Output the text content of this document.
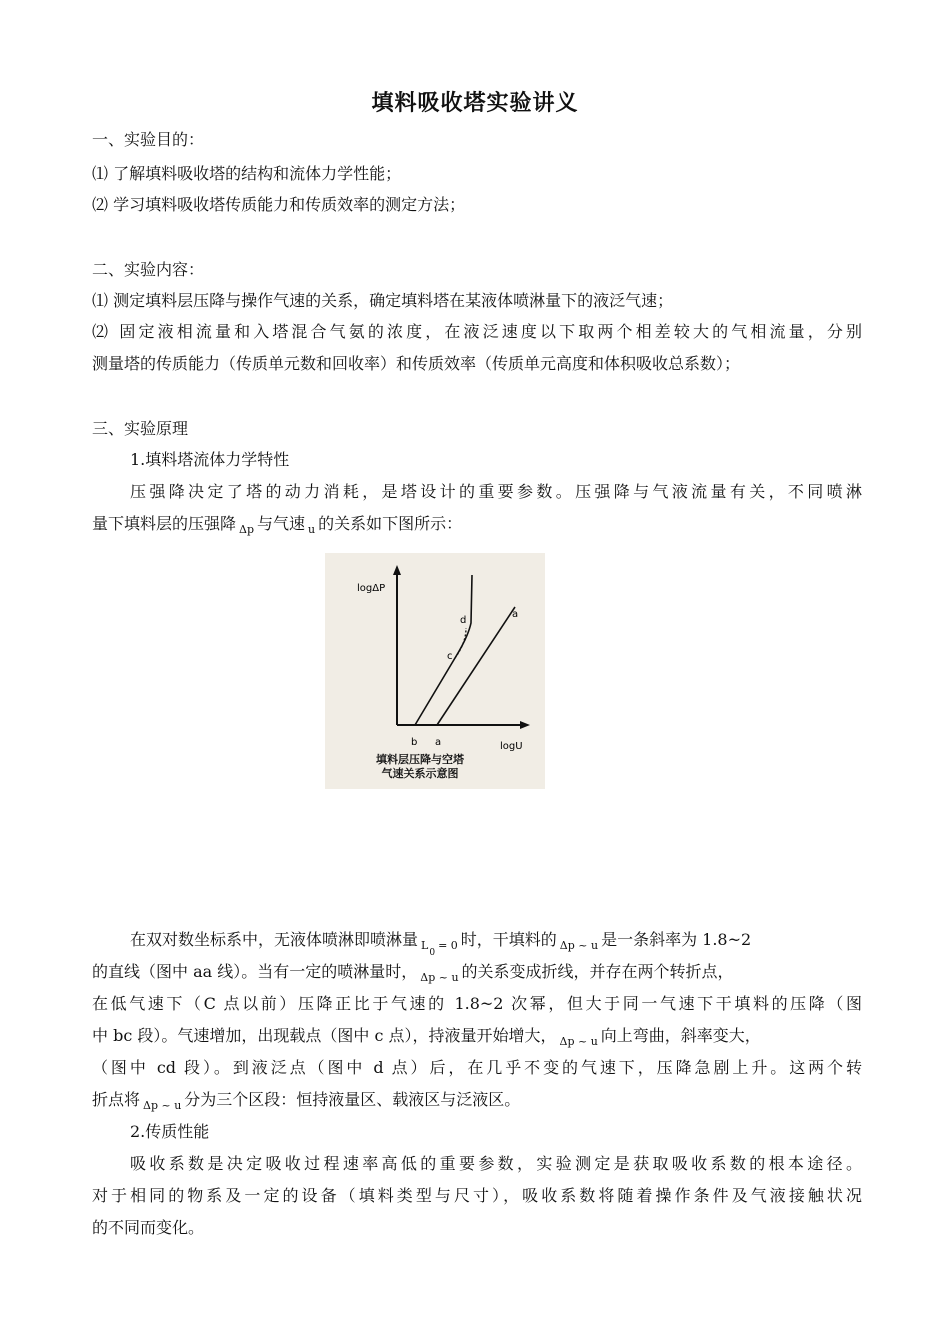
填料吸收塔实验讲义
一、实验目的：
⑴ 了解填料吸收塔的结构和流体力学性能；
⑵ 学习填料吸收塔传质能力和传质效率的测定方法；
二、实验内容：
⑴ 测定填料层压降与操作气速的关系，确定填料塔在某液体喷淋量下的液泛气速；
⑵ 固定液相流量和入塔混合气氨的浓度，在液泛速度以下取两个相差较大的气相流量，分别
测量塔的传质能力（传质单元数和回收率）和传质效率（传质单元高度和体积吸收总系数）；
三、实验原理
1.填料塔流体力学特性
压强降决定了塔的动力消耗，是塔设计的重要参数。压强降与气液流量有关，不同喷淋
量下填料层的压强降 $_{\Delta p}$ 与气速 $_u$ 的关系如下图所示：
logΔP
logU
b a
a
c
d
填料层压降与空塔
气速关系示意图
在双对数坐标系中，无液体喷淋即喷淋量 $_{L0= 0}$ 时，干填料的 $_{\Delta p \sim u}$ 是一条斜率为 1.8~2
的直线（图中 aa 线）。当有一定的喷淋量时， $_{\Delta p \sim u}$ 的关系变成折线，并存在两个转折点，
在低气速下（C 点以前）压降正比于气速的 1.8~2 次幂，但大于同一气速下干填料的压降（图
中 bc 段）。气速增加，出现载点（图中 c 点），持液量开始增大， $_{\Delta p \sim u}$ 向上弯曲，斜率变大，
（图中 cd 段）。到液泛点（图中 d 点）后，在几乎不变的气速下，压降急剧上升。这两个转
折点将 $_{\Delta p \sim u}$ 分为三个区段：恒持液量区、载液区与泛液区。
2.传质性能
吸收系数是决定吸收过程速率高低的重要参数，实验测定是获取吸收系数的根本途径。
对于相同的物系及一定的设备（填料类型与尺寸），吸收系数将随着操作条件及气液接触状况
的不同而变化。
